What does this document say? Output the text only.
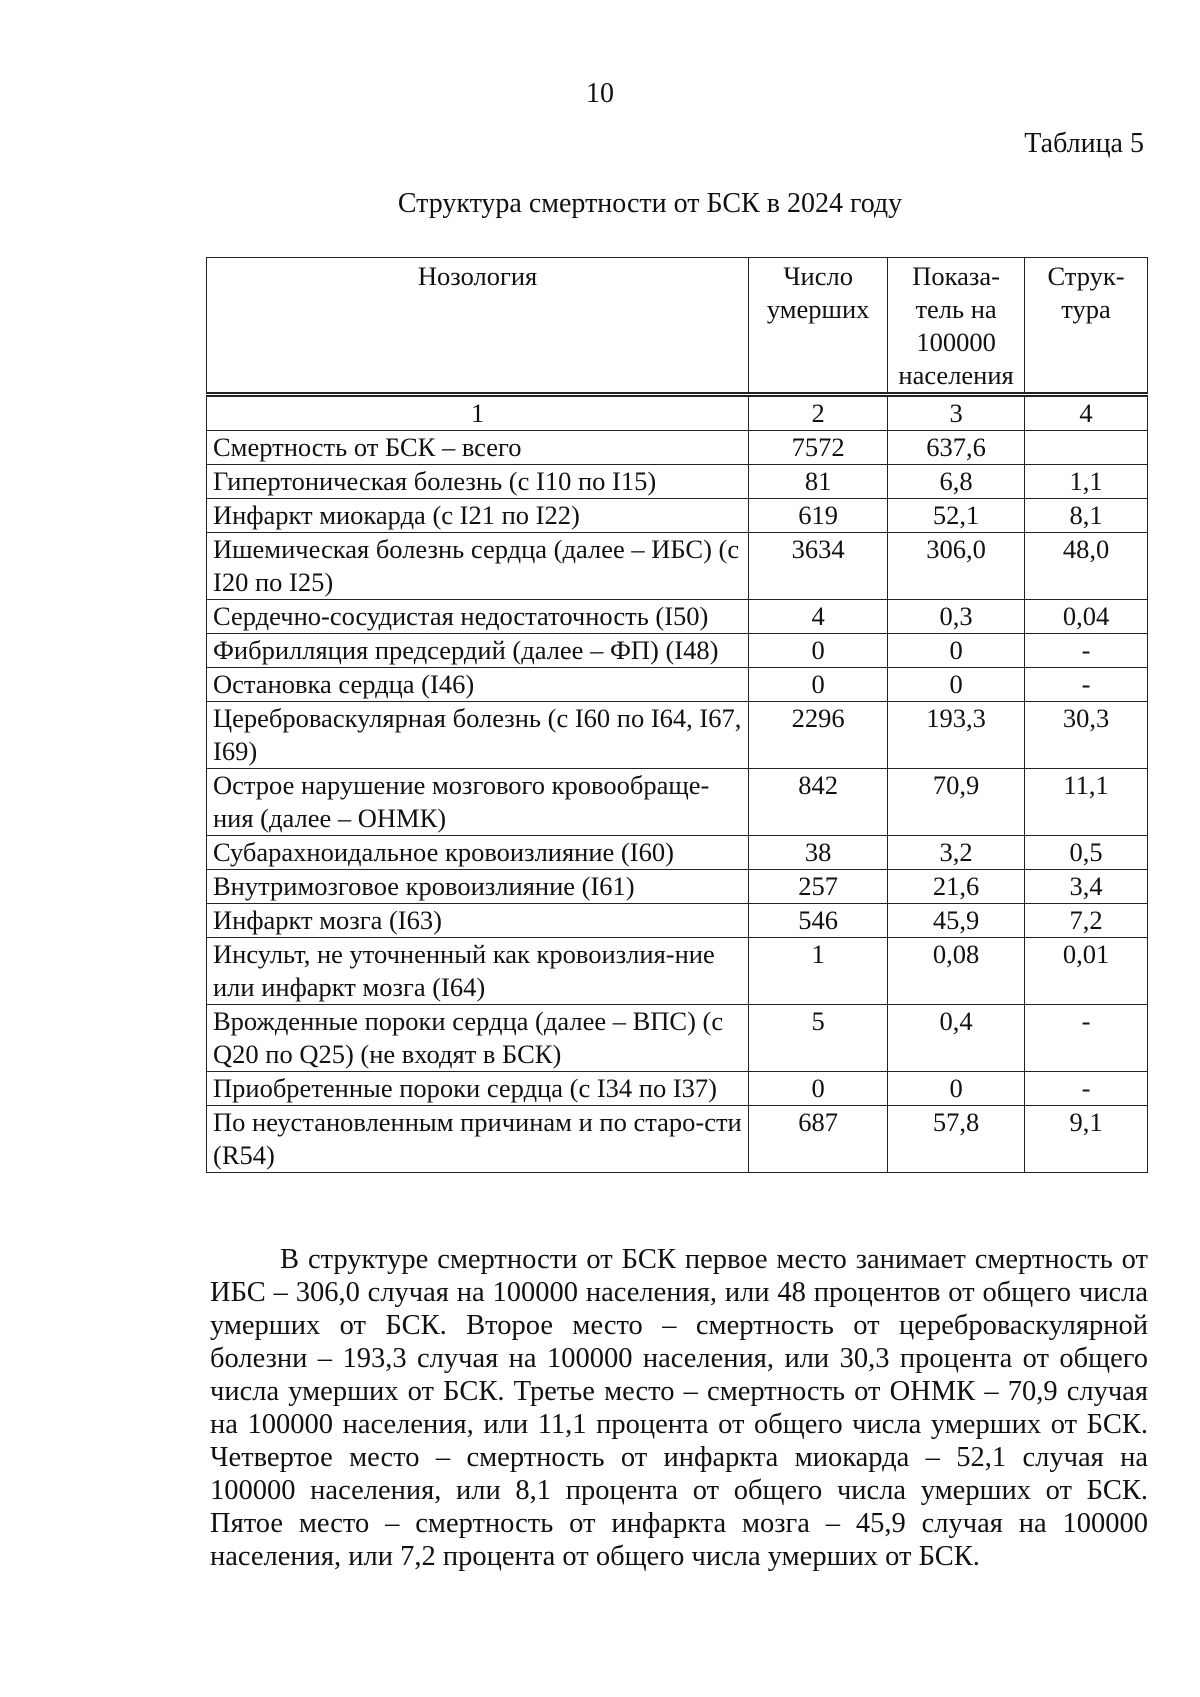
10
Таблица 5
Структура смертности от БСК в 2024 году
Нозология	Число умерших	Показа-тель на 100000 населения	Струк-тура
1	2	3	4
Смертность от БСК – всего	7572	637,6	
Гипертоническая болезнь (с I10 по I15)	81	6,8	1,1
Инфаркт миокарда (с I21 по I22)	619	52,1	8,1
Ишемическая болезнь сердца (далее – ИБС) (с I20 по I25)	3634	306,0	48,0
Сердечно-сосудистая недостаточность (I50)	4	0,3	0,04
Фибрилляция предсердий (далее – ФП) (I48)	0	0	-
Остановка сердца (I46)	0	0	-
Цереброваскулярная болезнь (с I60 по I64, I67, I69)	2296	193,3	30,3
Острое нарушение мозгового кровообраще-ния (далее – ОНМК)	842	70,9	11,1
Субарахноидальное кровоизлияние (I60)	38	3,2	0,5
Внутримозговое кровоизлияние (I61)	257	21,6	3,4
Инфаркт мозга (I63)	546	45,9	7,2
Инсульт, не уточненный как кровоизлия-ние или инфаркт мозга (I64)	1	0,08	0,01
Врожденные пороки сердца (далее – ВПС) (с Q20 по Q25) (не входят в БСК)	5	0,4	-
Приобретенные пороки сердца (с I34 по I37)	0	0	-
По неустановленным причинам и по старо-сти (R54)	687	57,8	9,1

В структуре смертности от БСК первое место занимает смертность от ИБС – 306,0 случая на 100000 населения, или 48 процентов от общего числа умерших от БСК. Второе место – смертность от цереброваскулярной болезни – 193,3 случая на 100000 населения, или 30,3 процента от общего числа умерших от БСК. Третье место – смертность от ОНМК – 70,9 случая на 100000 населения, или 11,1 процента от общего числа умерших от БСК. Четвертое место – смертность от инфаркта миокарда – 52,1 случая на 100000 населения, или 8,1 процента от общего числа умерших от БСК. Пятое место – смертность от инфаркта мозга – 45,9 случая на 100000 населения, или 7,2 процента от общего числа умерших от БСК.
